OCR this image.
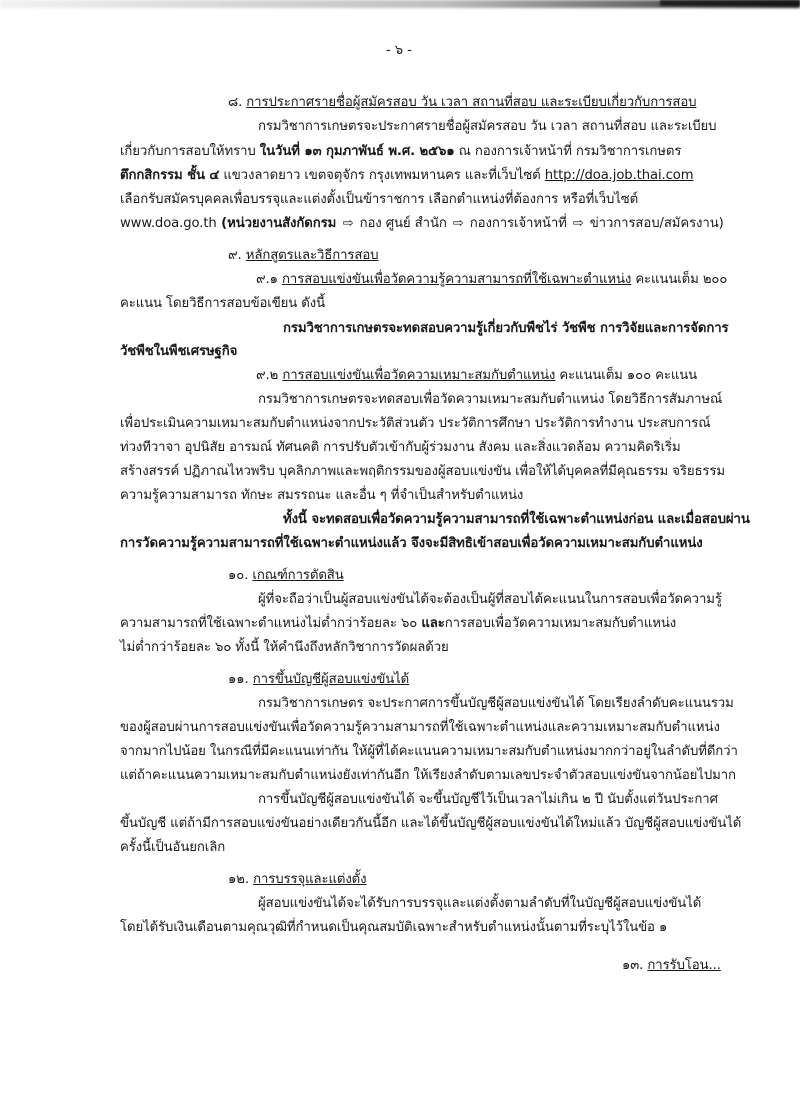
- ๖ -
๘. การประกาศรายชื่อผู้สมัครสอบ วัน เวลา สถานที่สอบ และระเบียบเกี่ยวกับการสอบ
กรมวิชาการเกษตรจะประกาศรายชื่อผู้สมัครสอบ วัน เวลา สถานที่สอบ และระเบียบ
เกี่ยวกับการสอบให้ทราบ ในวันที่ ๑๓ กุมภาพันธ์ พ.ศ. ๒๕๖๑ ณ กองการเจ้าหน้าที่ กรมวิชาการเกษตร
ตึกกสิกรรม ชั้น ๔ แขวงลาดยาว เขตจตุจักร กรุงเทพมหานคร และที่เว็บไซต์ http://doa.job.thai.com
เลือกรับสมัครบุคคลเพื่อบรรจุและแต่งตั้งเป็นข้าราชการ เลือกตำแหน่งที่ต้องการ หรือที่เว็บไซต์
www.doa.go.th (หน่วยงานสังกัดกรม ⇨ กอง ศูนย์ สำนัก ⇨ กองการเจ้าหน้าที่ ⇨ ข่าวการสอบ/สมัครงาน)
๙. หลักสูตรและวิธีการสอบ
๙.๑ การสอบแข่งขันเพื่อวัดความรู้ความสามารถที่ใช้เฉพาะตำแหน่ง คะแนนเต็ม ๒๐๐
คะแนน โดยวิธีการสอบข้อเขียน ดังนี้
กรมวิชาการเกษตรจะทดสอบความรู้เกี่ยวกับพืชไร่ วัชพืช การวิจัยและการจัดการ
วัชพืชในพืชเศรษฐกิจ
๙.๒ การสอบแข่งขันเพื่อวัดความเหมาะสมกับตำแหน่ง คะแนนเต็ม ๑๐๐ คะแนน
กรมวิชาการเกษตรจะทดสอบเพื่อวัดความเหมาะสมกับตำแหน่ง โดยวิธีการสัมภาษณ์
เพื่อประเมินความเหมาะสมกับตำแหน่งจากประวัติส่วนตัว ประวัติการศึกษา ประวัติการทำงาน ประสบการณ์
ท่วงทีวาจา อุปนิสัย อารมณ์ ทัศนคติ การปรับตัวเข้ากับผู้ร่วมงาน สังคม และสิ่งแวดล้อม ความคิดริเริ่ม
สร้างสรรค์ ปฏิภาณไหวพริบ บุคลิกภาพและพฤติกรรมของผู้สอบแข่งขัน เพื่อให้ได้บุคคลที่มีคุณธรรม จริยธรรม
ความรู้ความสามารถ ทักษะ สมรรถนะ และอื่น ๆ ที่จำเป็นสำหรับตำแหน่ง
ทั้งนี้ จะทดสอบเพื่อวัดความรู้ความสามารถที่ใช้เฉพาะตำแหน่งก่อน และเมื่อสอบผ่าน
การวัดความรู้ความสามารถที่ใช้เฉพาะตำแหน่งแล้ว จึงจะมีสิทธิเข้าสอบเพื่อวัดความเหมาะสมกับตำแหน่ง
๑๐. เกณฑ์การตัดสิน
ผู้ที่จะถือว่าเป็นผู้สอบแข่งขันได้จะต้องเป็นผู้ที่สอบได้คะแนนในการสอบเพื่อวัดความรู้
ความสามารถที่ใช้เฉพาะตำแหน่งไม่ต่ำกว่าร้อยละ ๖๐ และการสอบเพื่อวัดความเหมาะสมกับตำแหน่ง
ไม่ต่ำกว่าร้อยละ ๖๐ ทั้งนี้ ให้คำนึงถึงหลักวิชาการวัดผลด้วย
๑๑. การขึ้นบัญชีผู้สอบแข่งขันได้
กรมวิชาการเกษตร จะประกาศการขึ้นบัญชีผู้สอบแข่งขันได้ โดยเรียงลำดับคะแนนรวม
ของผู้สอบผ่านการสอบแข่งขันเพื่อวัดความรู้ความสามารถที่ใช้เฉพาะตำแหน่งและความเหมาะสมกับตำแหน่ง
จากมากไปน้อย ในกรณีที่มีคะแนนเท่ากัน ให้ผู้ที่ได้คะแนนความเหมาะสมกับตำแหน่งมากกว่าอยู่ในลำดับที่ดีกว่า
แต่ถ้าคะแนนความเหมาะสมกับตำแหน่งยังเท่ากันอีก ให้เรียงลำดับตามเลขประจำตัวสอบแข่งขันจากน้อยไปมาก
การขึ้นบัญชีผู้สอบแข่งขันได้ จะขึ้นบัญชีไว้เป็นเวลาไม่เกิน ๒ ปี นับตั้งแต่วันประกาศ
ขึ้นบัญชี แต่ถ้ามีการสอบแข่งขันอย่างเดียวกันนี้อีก และได้ขึ้นบัญชีผู้สอบแข่งขันได้ใหม่แล้ว บัญชีผู้สอบแข่งขันได้
ครั้งนี้เป็นอันยกเลิก
๑๒. การบรรจุและแต่งตั้ง
ผู้สอบแข่งขันได้จะได้รับการบรรจุและแต่งตั้งตามลำดับที่ในบัญชีผู้สอบแข่งขันได้
โดยได้รับเงินเดือนตามคุณวุฒิที่กำหนดเป็นคุณสมบัติเฉพาะสำหรับตำแหน่งนั้นตามที่ระบุไว้ในข้อ ๑
๑๓. การรับโอน...
